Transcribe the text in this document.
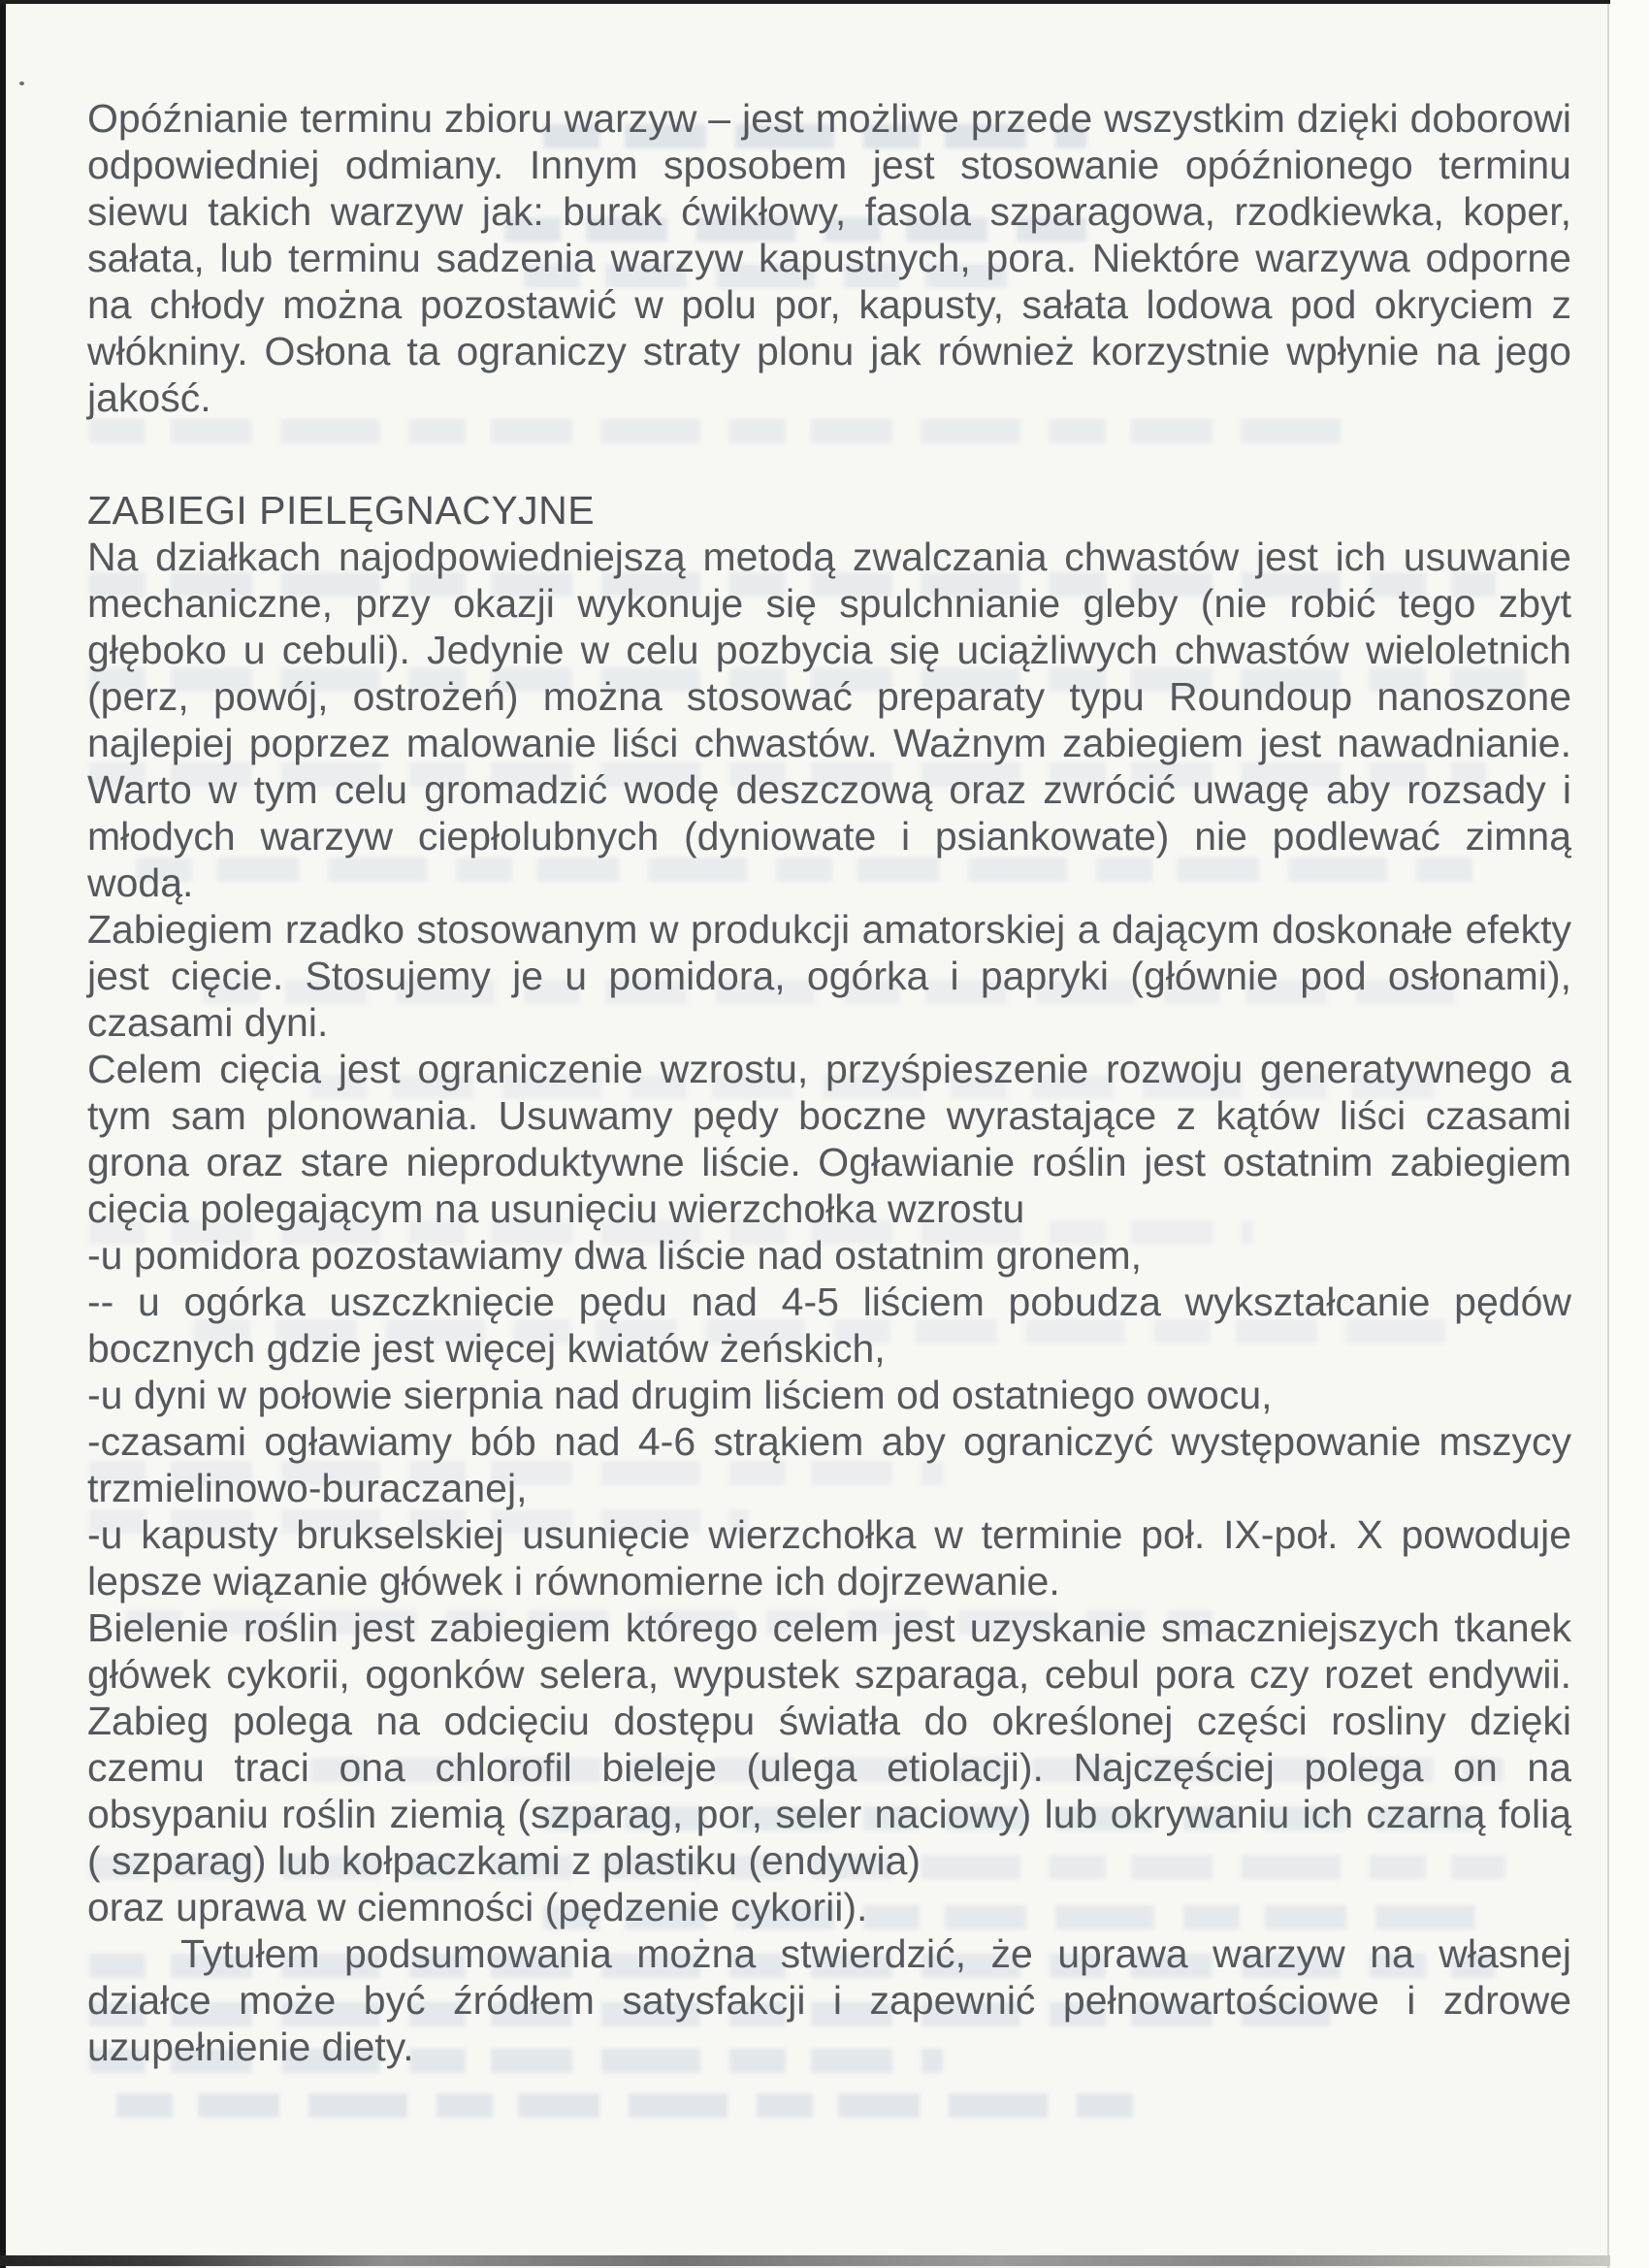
Opóźnianie terminu zbioru warzyw – jest możliwe przede wszystkim dzięki doborowi odpowiedniej odmiany. Innym sposobem jest stosowanie opóźnionego terminu siewu takich warzyw jak: burak ćwikłowy, fasola szparagowa, rzodkiewka, koper, sałata, lub terminu sadzenia warzyw kapustnych, pora. Niektóre warzywa odporne na chłody można pozostawić w polu por, kapusty, sałata lodowa pod okryciem z włókniny. Osłona ta ograniczy straty plonu jak również korzystnie wpłynie na jego jakość.

ZABIEGI PIELĘGNACYJNE

Na działkach najodpowiedniejszą metodą zwalczania chwastów jest ich usuwanie mechaniczne, przy okazji wykonuje się spulchnianie gleby (nie robić tego zbyt głęboko u cebuli). Jedynie w celu pozbycia się uciążliwych chwastów wieloletnich (perz, powój, ostrożeń) można stosować preparaty typu Roundoup nanoszone najlepiej poprzez malowanie liści chwastów. Ważnym zabiegiem jest nawadnianie. Warto w tym celu gromadzić wodę deszczową oraz zwrócić uwagę aby rozsady i młodych warzyw ciepłolubnych (dyniowate i psiankowate) nie podlewać zimną wodą.

Zabiegiem rzadko stosowanym w produkcji amatorskiej a dającym doskonałe efekty jest cięcie. Stosujemy je u pomidora, ogórka i papryki (głównie pod osłonami), czasami dyni.

Celem cięcia jest ograniczenie wzrostu, przyśpieszenie rozwoju generatywnego a tym sam plonowania. Usuwamy pędy boczne wyrastające z kątów liści czasami grona oraz stare nieproduktywne liście. Ogławianie roślin jest ostatnim zabiegiem cięcia polegającym na usunięciu wierzchołka wzrostu

-u pomidora pozostawiamy dwa liście nad ostatnim gronem,

-- u ogórka uszczknięcie pędu nad 4-5 liściem pobudza wykształcanie pędów bocznych gdzie jest więcej kwiatów żeńskich,

-u dyni w połowie sierpnia nad drugim liściem od ostatniego owocu,

-czasami ogławiamy bób nad 4-6 strąkiem aby ograniczyć występowanie mszycy trzmielinowo-buraczanej,

-u kapusty brukselskiej usunięcie wierzchołka w terminie poł. IX-poł. X powoduje lepsze wiązanie główek i równomierne ich dojrzewanie.

Bielenie roślin jest zabiegiem którego celem jest uzyskanie smaczniejszych tkanek główek cykorii, ogonków selera, wypustek szparaga, cebul pora czy rozet endywii. Zabieg polega na odcięciu dostępu światła do określonej części rosliny dzięki czemu traci ona chlorofil bieleje (ulega etiolacji). Najczęściej polega on na obsypaniu roślin ziemią (szparag, por, seler naciowy) lub okrywaniu ich czarną folią ( szparag) lub kołpaczkami z plastiku (endywia)

oraz uprawa w ciemności (pędzenie cykorii).

Tytułem podsumowania można stwierdzić, że uprawa warzyw na własnej działce może być źródłem satysfakcji i zapewnić pełnowartościowe i zdrowe uzupełnienie diety.
